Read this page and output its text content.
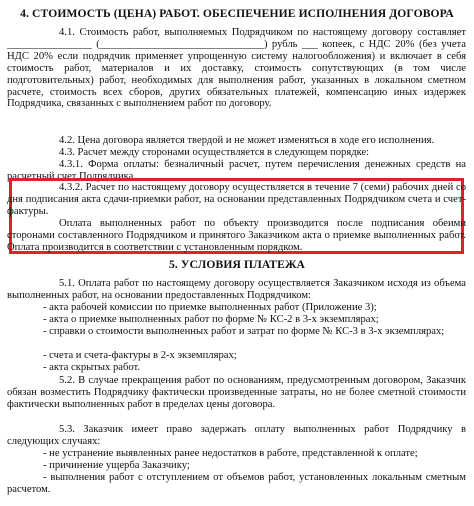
4. СТОИМОСТЬ (ЦЕНА) РАБОТ. ОБЕСПЕЧЕНИЕ ИСПОЛНЕНИЯ ДОГОВОРА

4.1. Стоимость работ, выполняемых Подрядчиком по настоящему договору составляет ________________ (_______________________________) рубль ___ копеек, с НДС 20% (без учета НДС 20% если подрядчик применяет упрощенную систему налогообложения) и включает в себя стоимость работ, материалов и их доставку, стоимость сопутствующих (в том числе подготовительных) работ, необходимых для выполнения работ, указанных в локальном сметном расчете, стоимость всех сборов, других обязательных платежей, компенсацию иных издержек Подрядчика, связанных с выполнением работ по договору.

4.2. Цена договора является твердой и не может изменяться в ходе его исполнения.

4.3. Расчет между сторонами осуществляется в следующем порядке:

4.3.1. Форма оплаты: безналичный расчет, путем перечисления денежных средств на расчетный счет Подрядчика.

4.3.2. Расчет по настоящему договору осуществляется в течение 7 (семи) рабочих дней со дня подписания акта сдачи-приемки работ, на основании представленных Подрядчиком счета и счет-фактуры.

Оплата выполненных работ по объекту производится после подписания обеими сторонами составленного Подрядчиком и принятого Заказчиком акта о приемке выполненных работ. Оплата производится в соответствии с установленным порядком.

5. УСЛОВИЯ ПЛАТЕЖА

5.1. Оплата работ по настоящему договору осуществляется Заказчиком исходя из объема выполненных работ, на основании предоставленных Подрядчиком:

- акта рабочей комиссии по приемке выполненных работ (Приложение 3);

- акта о приемке выполненных работ по форме № КС-2 в 3-х экземплярах;

- справки о стоимости выполненных работ и затрат по форме № КС-3 в 3-х экземплярах;

- счета и счета-фактуры в 2-х экземплярах;

- акта скрытых работ.

5.2. В случае прекращения работ по основаниям, предусмотренным договором, Заказчик обязан возместить Подрядчику фактически произведенные затраты, но не более сметной стоимости фактически выполненных работ в пределах цены договора.

5.3. Заказчик имеет право задержать оплату выполненных работ Подрядчику в следующих случаях:

- не устранение выявленных ранее недостатков в работе, представленной к оплате;

- причинение ущерба Заказчику;

- выполнения работ с отступлением от объемов работ, установленных локальным сметным расчетом.
